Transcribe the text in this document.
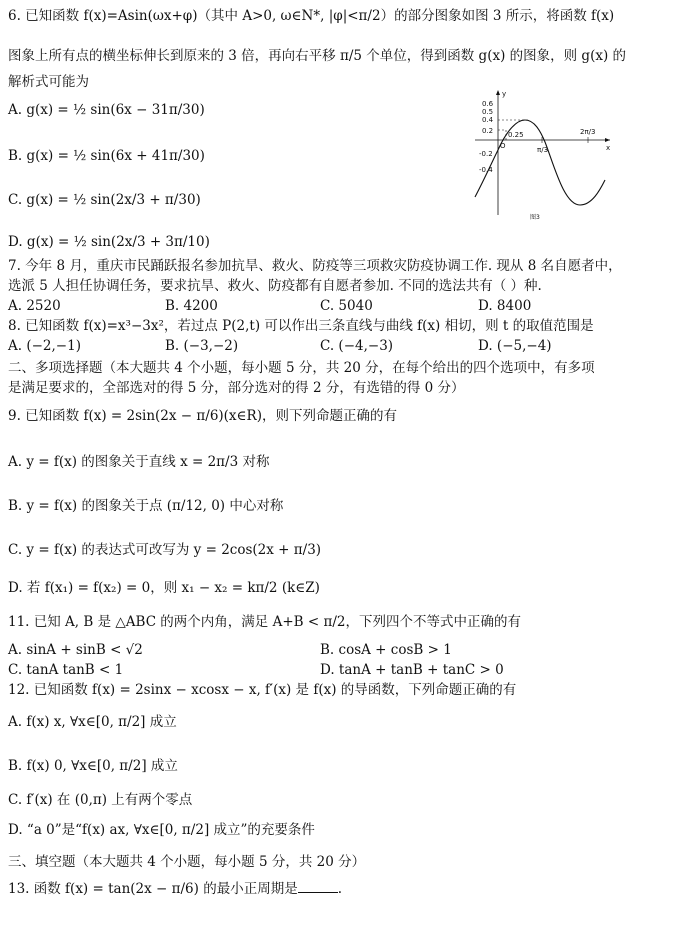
6. 已知函数 f(x)=Asin(ωx+φ)（其中 A>0, ω∈N*, |φ|<π/2）的部分图象如图 3 所示，将函数 f(x)
图象上所有点的横坐标伸长到原来的 3 倍，再向右平移 π/5 个单位，得到函数 g(x) 的图象，则 g(x) 的
解析式可能为
A. g(x) = ½ sin(6x − 31π/30)
B. g(x) = ½ sin(6x + 41π/30)
C. g(x) = ½ sin(2x/3 + π/30)
D. g(x) = ½ sin(2x/3 + 3π/10)
y
x
O
0.6
0.5
0.4
0.2
-0.2
-0.4
0.25
π/3
2π/3
图3
7. 今年 8 月，重庆市民踊跃报名参加抗旱、救火、防疫等三项救灾防疫协调工作. 现从 8 名自愿者中，
选派 5 人担任协调任务，要求抗旱、救火、防疫都有自愿者参加. 不同的选法共有（ ）种.
A. 2520	B. 4200	C. 5040	D. 8400
8. 已知函数 f(x)=x³−3x²，若过点 P(2,t) 可以作出三条直线与曲线 f(x) 相切，则 t 的取值范围是
A. (−2,−1)	B. (−3,−2)	C. (−4,−3)	D. (−5,−4)
二、多项选择题（本大题共 4 个小题，每小题 5 分，共 20 分，在每个给出的四个选项中，有多项
是满足要求的，全部选对的得 5 分，部分选对的得 2 分，有选错的得 0 分）
9. 已知函数 f(x) = 2sin(2x − π/6)(x∈R)，则下列命题正确的有
A. y = f(x) 的图象关于直线 x = 2π/3 对称
B. y = f(x) 的图象关于点 (π/12, 0) 中心对称
C. y = f(x) 的表达式可改写为 y = 2cos(2x + π/3)
D. 若 f(x₁) = f(x₂) = 0，则 x₁ − x₂ = kπ/2 (k∈Z)
11. 已知 A, B 是 △ABC 的两个内角，满足 A+B < π/2，下列四个不等式中正确的有
A. sinA + sinB < √2	B. cosA + cosB > 1
C. tanA tanB < 1	D. tanA + tanB + tanC > 0
12. 已知函数 f(x) = 2sinx − xcosx − x, f′(x) 是 f(x) 的导函数，下列命题正确的有
A. f(x) x, ∀x∈[0, π/2] 成立
B. f(x) 0, ∀x∈[0, π/2] 成立
C. f′(x) 在 (0,π) 上有两个零点
D. “a 0”是“f(x) ax, ∀x∈[0, π/2] 成立”的充要条件
三、填空题（本大题共 4 个小题，每小题 5 分，共 20 分）
13. 函数 f(x) = tan(2x − π/6) 的最小正周期是	.
